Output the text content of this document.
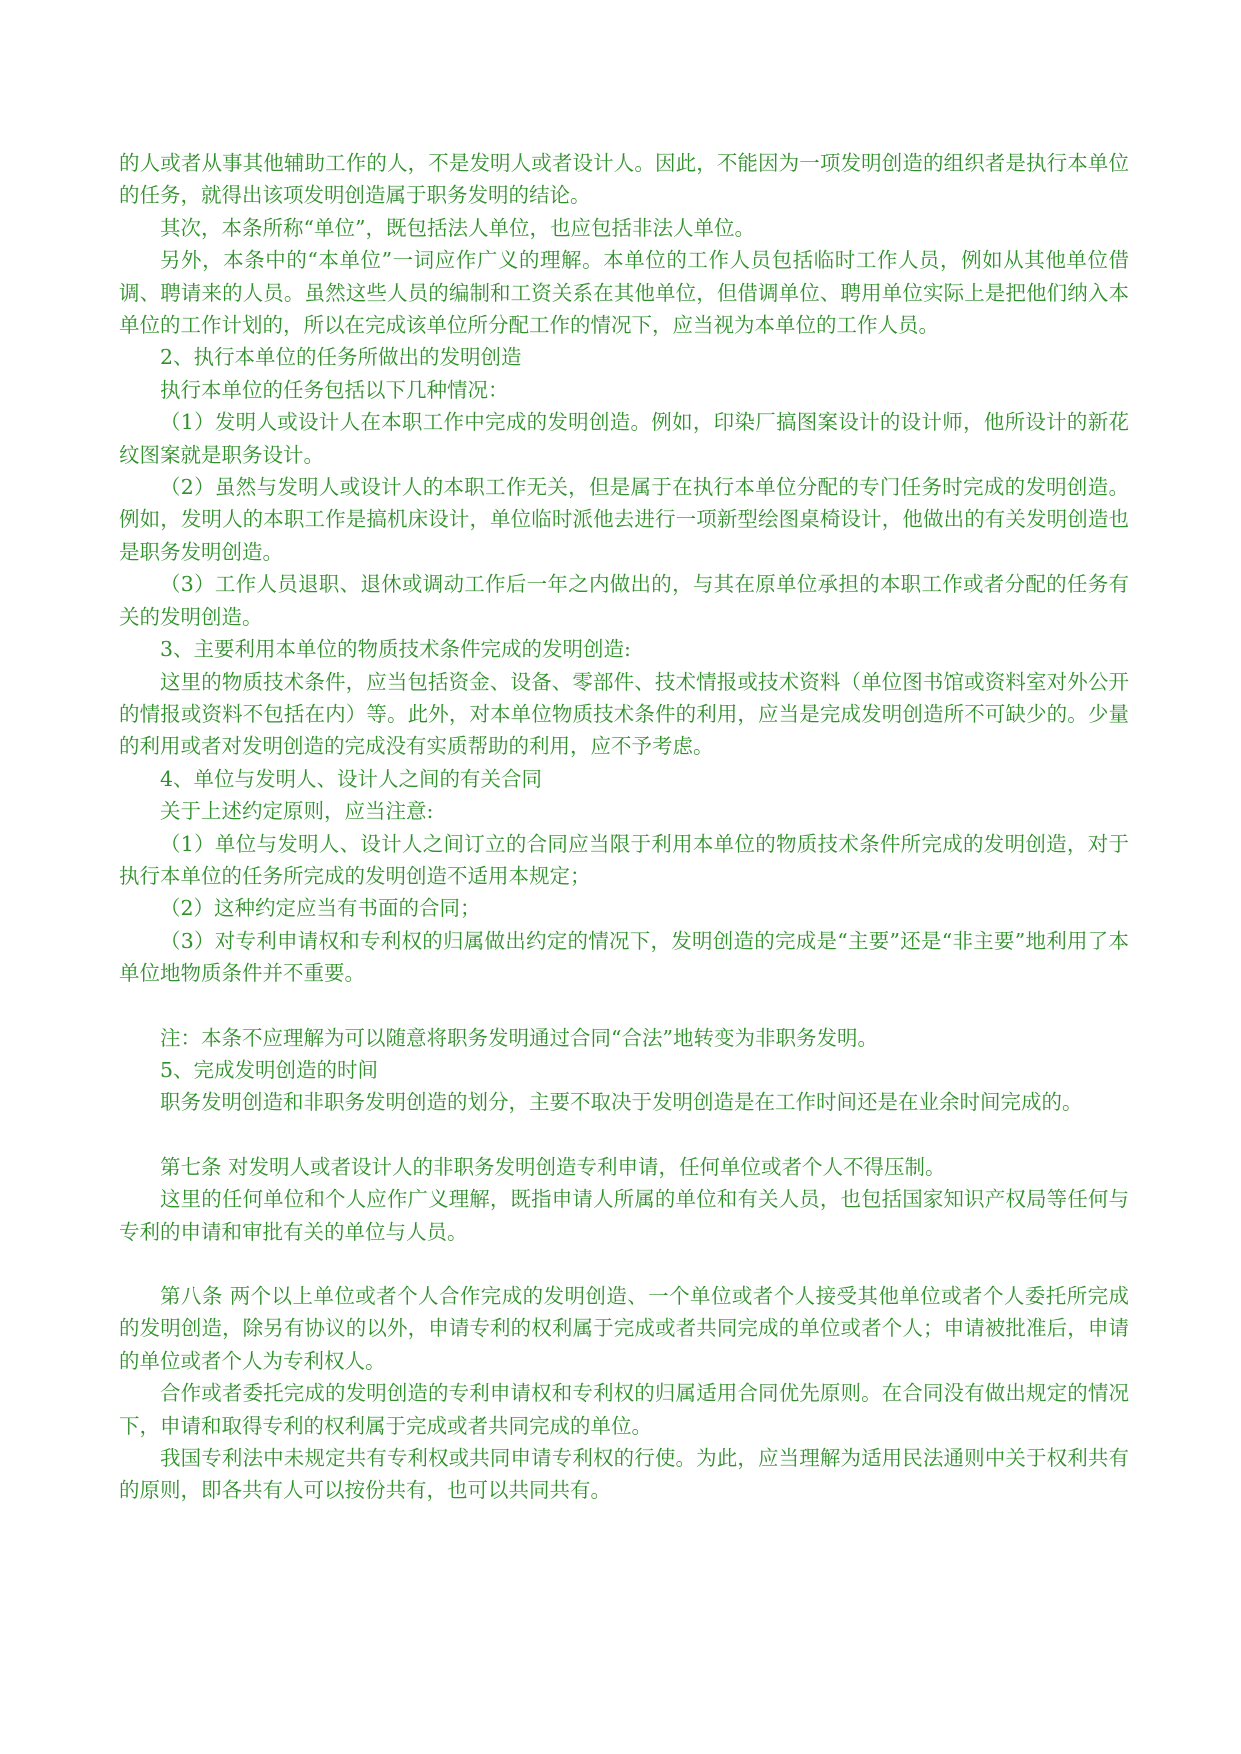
的人或者从事其他辅助工作的人，不是发明人或者设计人。因此，不能因为一项发明创造的组织者是执行本单位的任务，就得出该项发明创造属于职务发明的结论。

其次，本条所称“单位”，既包括法人单位，也应包括非法人单位。

另外，本条中的“本单位”一词应作广义的理解。本单位的工作人员包括临时工作人员，例如从其他单位借调、聘请来的人员。虽然这些人员的编制和工资关系在其他单位，但借调单位、聘用单位实际上是把他们纳入本单位的工作计划的，所以在完成该单位所分配工作的情况下，应当视为本单位的工作人员。

2、执行本单位的任务所做出的发明创造

执行本单位的任务包括以下几种情况：

（1）发明人或设计人在本职工作中完成的发明创造。例如，印染厂搞图案设计的设计师，他所设计的新花纹图案就是职务设计。

（2）虽然与发明人或设计人的本职工作无关，但是属于在执行本单位分配的专门任务时完成的发明创造。例如，发明人的本职工作是搞机床设计，单位临时派他去进行一项新型绘图桌椅设计，他做出的有关发明创造也是职务发明创造。

（3）工作人员退职、退休或调动工作后一年之内做出的，与其在原单位承担的本职工作或者分配的任务有关的发明创造。

3、主要利用本单位的物质技术条件完成的发明创造:

这里的物质技术条件，应当包括资金、设备、零部件、技术情报或技术资料（单位图书馆或资料室对外公开的情报或资料不包括在内）等。此外，对本单位物质技术条件的利用，应当是完成发明创造所不可缺少的。少量的利用或者对发明创造的完成没有实质帮助的利用，应不予考虑。

4、单位与发明人、设计人之间的有关合同

关于上述约定原则，应当注意:

（1）单位与发明人、设计人之间订立的合同应当限于利用本单位的物质技术条件所完成的发明创造，对于执行本单位的任务所完成的发明创造不适用本规定；

（2）这种约定应当有书面的合同；

（3）对专利申请权和专利权的归属做出约定的情况下，发明创造的完成是“主要”还是“非主要”地利用了本单位地物质条件并不重要。

注：本条不应理解为可以随意将职务发明通过合同“合法”地转变为非职务发明。

5、完成发明创造的时间

职务发明创造和非职务发明创造的划分，主要不取决于发明创造是在工作时间还是在业余时间完成的。

第七条 对发明人或者设计人的非职务发明创造专利申请，任何单位或者个人不得压制。

这里的任何单位和个人应作广义理解，既指申请人所属的单位和有关人员，也包括国家知识产权局等任何与专利的申请和审批有关的单位与人员。

第八条 两个以上单位或者个人合作完成的发明创造、一个单位或者个人接受其他单位或者个人委托所完成的发明创造，除另有协议的以外，申请专利的权利属于完成或者共同完成的单位或者个人；申请被批准后，申请的单位或者个人为专利权人。

合作或者委托完成的发明创造的专利申请权和专利权的归属适用合同优先原则。在合同没有做出规定的情况下，申请和取得专利的权利属于完成或者共同完成的单位。

我国专利法中未规定共有专利权或共同申请专利权的行使。为此，应当理解为适用民法通则中关于权利共有的原则，即各共有人可以按份共有，也可以共同共有。
